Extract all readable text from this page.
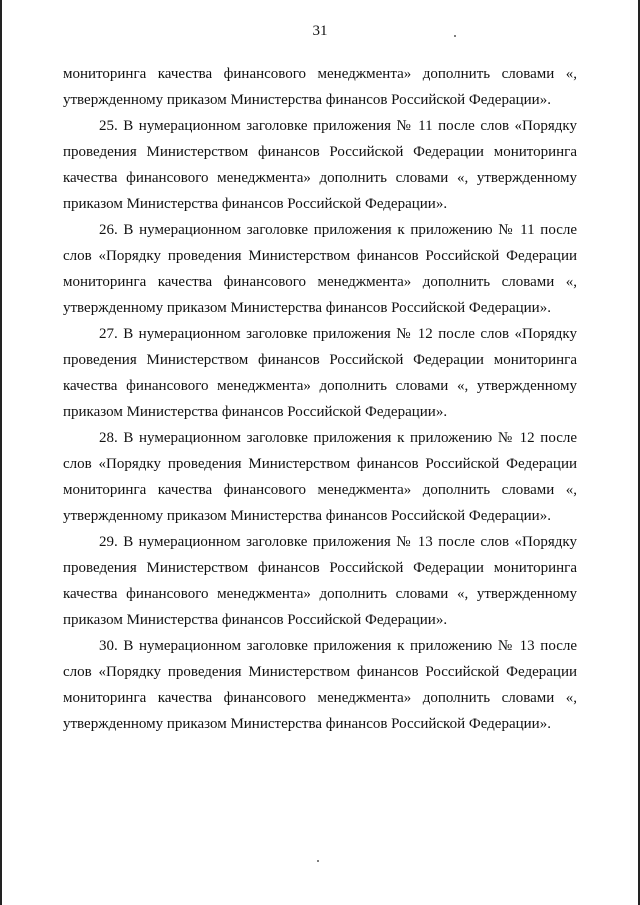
31

мониторинга качества финансового менеджмента» дополнить словами «, утвержденному приказом Министерства финансов Российской Федерации».

25. В нумерационном заголовке приложения № 11 после слов «Порядку проведения Министерством финансов Российской Федерации мониторинга качества финансового менеджмента» дополнить словами «, утвержденному приказом Министерства финансов Российской Федерации».

26. В нумерационном заголовке приложения к приложению № 11 после слов «Порядку проведения Министерством финансов Российской Федерации мониторинга качества финансового менеджмента» дополнить словами «, утвержденному приказом Министерства финансов Российской Федерации».

27. В нумерационном заголовке приложения № 12 после слов «Порядку проведения Министерством финансов Российской Федерации мониторинга качества финансового менеджмента» дополнить словами «, утвержденному приказом Министерства финансов Российской Федерации».

28. В нумерационном заголовке приложения к приложению № 12 после слов «Порядку проведения Министерством финансов Российской Федерации мониторинга качества финансового менеджмента» дополнить словами «, утвержденному приказом Министерства финансов Российской Федерации».

29. В нумерационном заголовке приложения № 13 после слов «Порядку проведения Министерством финансов Российской Федерации мониторинга качества финансового менеджмента» дополнить словами «, утвержденному приказом Министерства финансов Российской Федерации».

30. В нумерационном заголовке приложения к приложению № 13 после слов «Порядку проведения Министерством финансов Российской Федерации мониторинга качества финансового менеджмента» дополнить словами «, утвержденному приказом Министерства финансов Российской Федерации».
